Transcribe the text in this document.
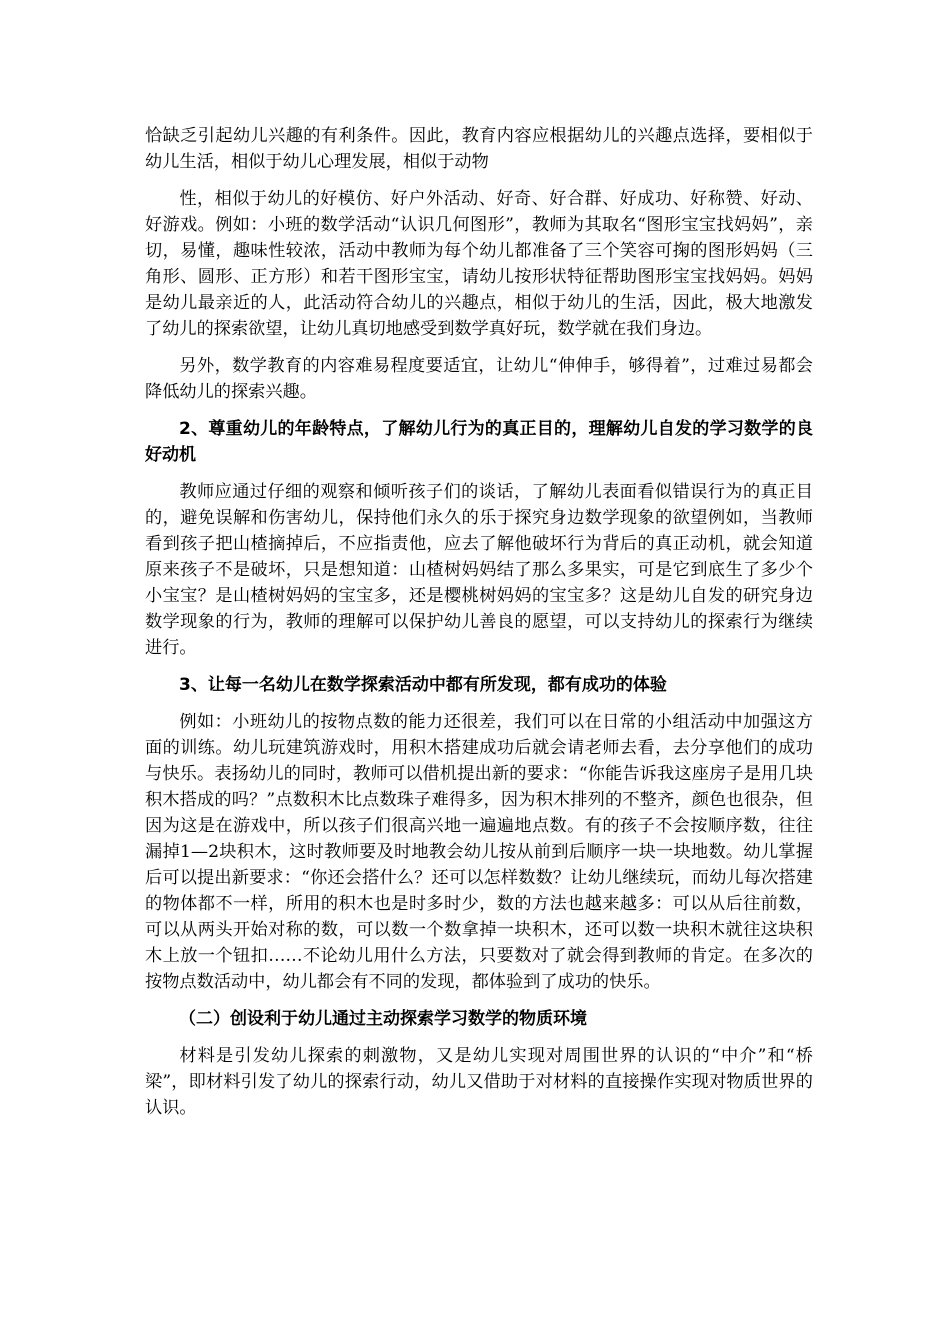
恰缺乏引起幼儿兴趣的有利条件。因此，教育内容应根据幼儿的兴趣点选择，要相似于幼儿生活，相似于幼儿心理发展，相似于动物

性，相似于幼儿的好模仿、好户外活动、好奇、好合群、好成功、好称赞、好动、好游戏。例如：小班的数学活动“认识几何图形”，教师为其取名“图形宝宝找妈妈”，亲切，易懂，趣味性较浓，活动中教师为每个幼儿都准备了三个笑容可掬的图形妈妈（三角形、圆形、正方形）和若干图形宝宝，请幼儿按形状特征帮助图形宝宝找妈妈。妈妈是幼儿最亲近的人，此活动符合幼儿的兴趣点，相似于幼儿的生活，因此，极大地激发了幼儿的探索欲望，让幼儿真切地感受到数学真好玩，数学就在我们身边。

另外，数学教育的内容难易程度要适宜，让幼儿“伸伸手，够得着”，过难过易都会降低幼儿的探索兴趣。

2、尊重幼儿的年龄特点，了解幼儿行为的真正目的，理解幼儿自发的学习数学的良好动机

教师应通过仔细的观察和倾听孩子们的谈话，了解幼儿表面看似错误行为的真正目的，避免误解和伤害幼儿，保持他们永久的乐于探究身边数学现象的欲望例如，当教师看到孩子把山楂摘掉后，不应指责他，应去了解他破坏行为背后的真正动机，就会知道原来孩子不是破坏，只是想知道：山楂树妈妈结了那么多果实，可是它到底生了多少个小宝宝？是山楂树妈妈的宝宝多，还是樱桃树妈妈的宝宝多？这是幼儿自发的研究身边数学现象的行为，教师的理解可以保护幼儿善良的愿望，可以支持幼儿的探索行为继续进行。

3、让每一名幼儿在数学探索活动中都有所发现，都有成功的体验

例如：小班幼儿的按物点数的能力还很差，我们可以在日常的小组活动中加强这方面的训练。幼儿玩建筑游戏时，用积木搭建成功后就会请老师去看，去分享他们的成功与快乐。表扬幼儿的同时，教师可以借机提出新的要求：“你能告诉我这座房子是用几块积木搭成的吗？”点数积木比点数珠子难得多，因为积木排列的不整齐，颜色也很杂，但因为这是在游戏中，所以孩子们很高兴地一遍遍地点数。有的孩子不会按顺序数，往往漏掉1—2块积木，这时教师要及时地教会幼儿按从前到后顺序一块一块地数。幼儿掌握后可以提出新要求：“你还会搭什么？还可以怎样数数？让幼儿继续玩，而幼儿每次搭建的物体都不一样，所用的积木也是时多时少，数的方法也越来越多：可以从后往前数，可以从两头开始对称的数，可以数一个数拿掉一块积木，还可以数一块积木就往这块积木上放一个钮扣……不论幼儿用什么方法，只要数对了就会得到教师的肯定。在多次的按物点数活动中，幼儿都会有不同的发现，都体验到了成功的快乐。

（二）创设利于幼儿通过主动探索学习数学的物质环境

材料是引发幼儿探索的刺激物，又是幼儿实现对周围世界的认识的“中介”和“桥梁”，即材料引发了幼儿的探索行动，幼儿又借助于对材料的直接操作实现对物质世界的认识。
